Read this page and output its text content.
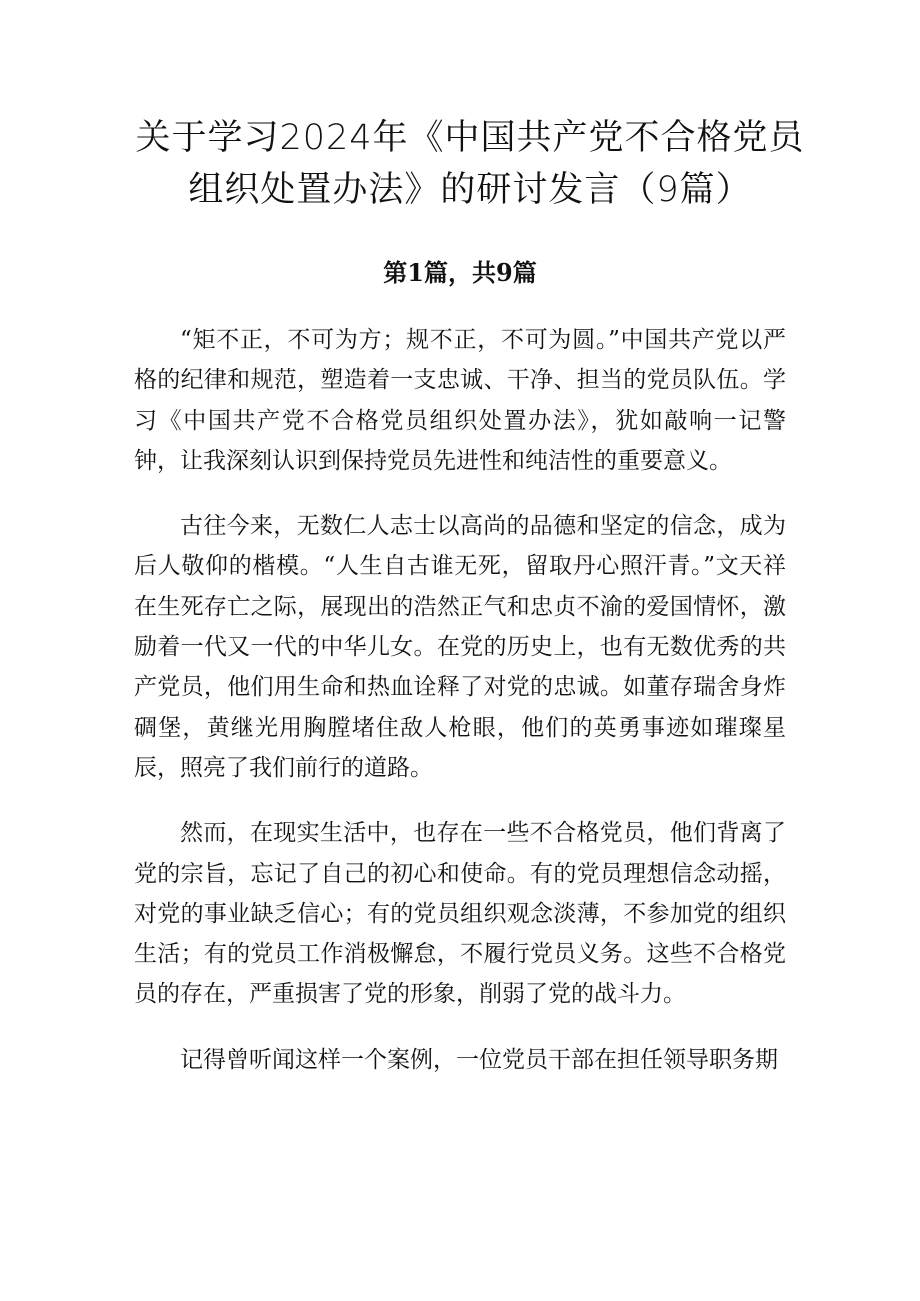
关于学习2024年《中国共产党不合格党员
组织处置办法》的研讨发言（9篇）
第1篇，共9篇

“矩不正，不可为方；规不正，不可为圆。”中国共产党以严格的纪律和规范，塑造着一支忠诚、干净、担当的党员队伍。学习《中国共产党不合格党员组织处置办法》，犹如敲响一记警钟，让我深刻认识到保持党员先进性和纯洁性的重要意义。

古往今来，无数仁人志士以高尚的品德和坚定的信念，成为后人敬仰的楷模。“人生自古谁无死，留取丹心照汗青。”文天祥在生死存亡之际，展现出的浩然正气和忠贞不渝的爱国情怀，激励着一代又一代的中华儿女。在党的历史上，也有无数优秀的共产党员，他们用生命和热血诠释了对党的忠诚。如董存瑞舍身炸碉堡，黄继光用胸膛堵住敌人枪眼，他们的英勇事迹如璀璨星辰，照亮了我们前行的道路。

然而，在现实生活中，也存在一些不合格党员，他们背离了党的宗旨，忘记了自己的初心和使命。有的党员理想信念动摇，对党的事业缺乏信心；有的党员组织观念淡薄，不参加党的组织生活；有的党员工作消极懈怠，不履行党员义务。这些不合格党员的存在，严重损害了党的形象，削弱了党的战斗力。

记得曾听闻这样一个案例，一位党员干部在担任领导职务期
